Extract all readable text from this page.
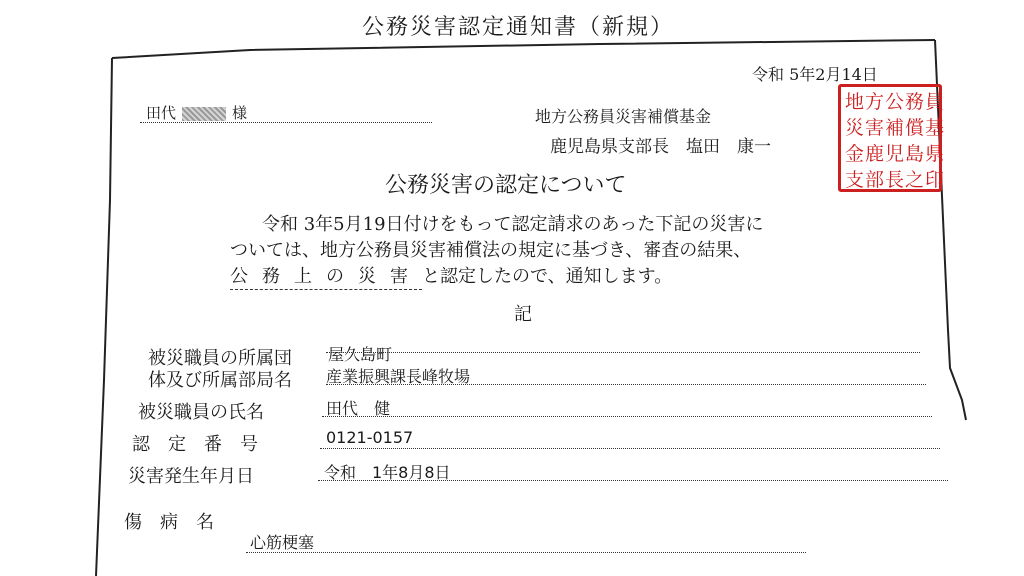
公務災害認定通知書（新規）
令和 5年2月14日
田代	様	地方公務員災害補償基金
鹿児島県支部長　塩田　康一
地方公務員
災害補償基
金鹿児島県
支部長之印
公務災害の認定について
令和 3年5月19日付けをもって認定請求のあった下記の災害に
ついては、地方公務員災害補償法の規定に基づき、審査の結果、
公務上の災害と認定したので、通知します。
記
被災職員の所属団 屋久島町
体及び所属部局名 産業振興課長峰牧場
被災職員の氏名	田代　健
認　定　番　号	0121-0157
災害発生年月日	令和　1年8月8日
傷　病　名
心筋梗塞
